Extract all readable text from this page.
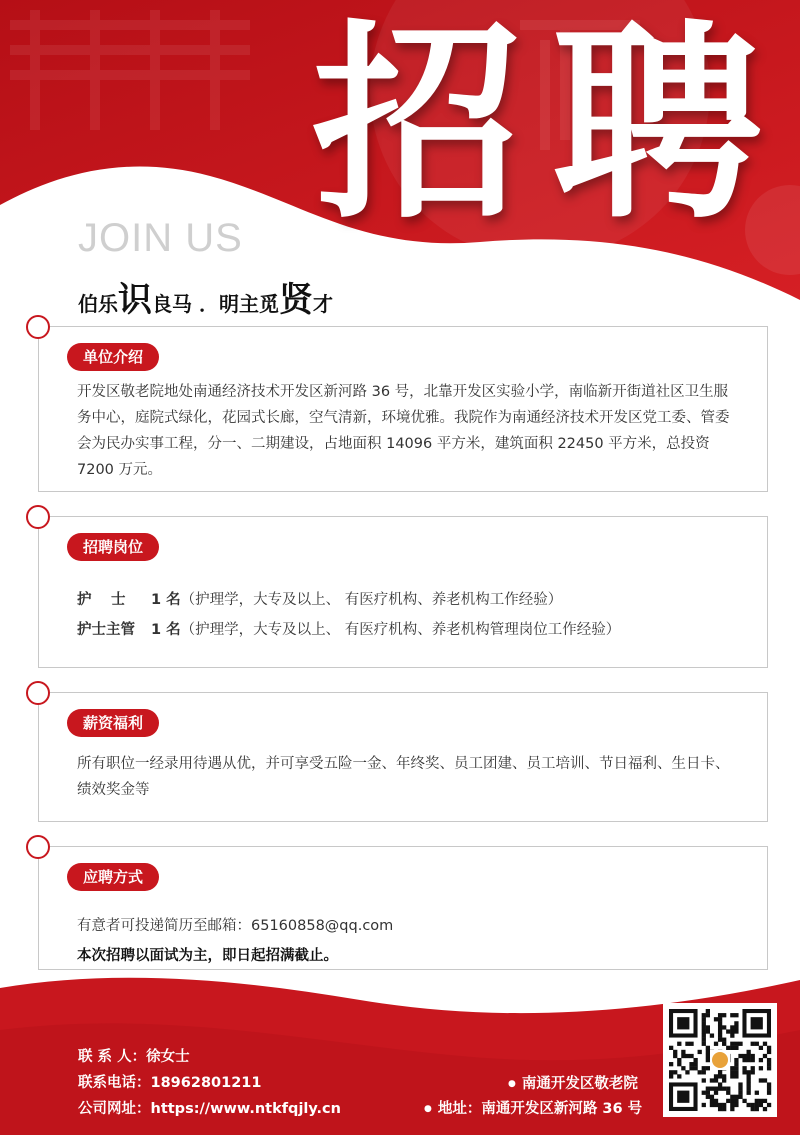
招聘
JOIN US
伯乐识良马 ．明主觅贤才
单位介绍
开发区敬老院地处南通经济技术开发区新河路 36 号，北靠开发区实验小学，南临新开街道社区卫生服务中心，庭院式绿化，花园式长廊，空气清新，环境优雅。我院作为南通经济技术开发区党工委、管委会为民办实事工程，分一、二期建设，占地面积 14096 平方米，建筑面积 22450 平方米，总投资 7200 万元。
招聘岗位
护　 士 1 名（护理学，大专及以上、 有医疗机构、养老机构工作经验）
护士主管 1 名（护理学，大专及以上、 有医疗机构、养老机构管理岗位工作经验）
薪资福利
所有职位一经录用待遇从优，并可享受五险一金、年终奖、员工团建、员工培训、节日福利、生日卡、绩效奖金等
应聘方式
有意者可投递简历至邮箱：65160858@qq.com
本次招聘以面试为主，即日起招满截止。
联 系 人：徐女士
联系电话：18962801211
公司网址：https://www.ntkfqjly.cn
● 南通开发区敬老院
● 地址：南通开发区新河路 36 号
